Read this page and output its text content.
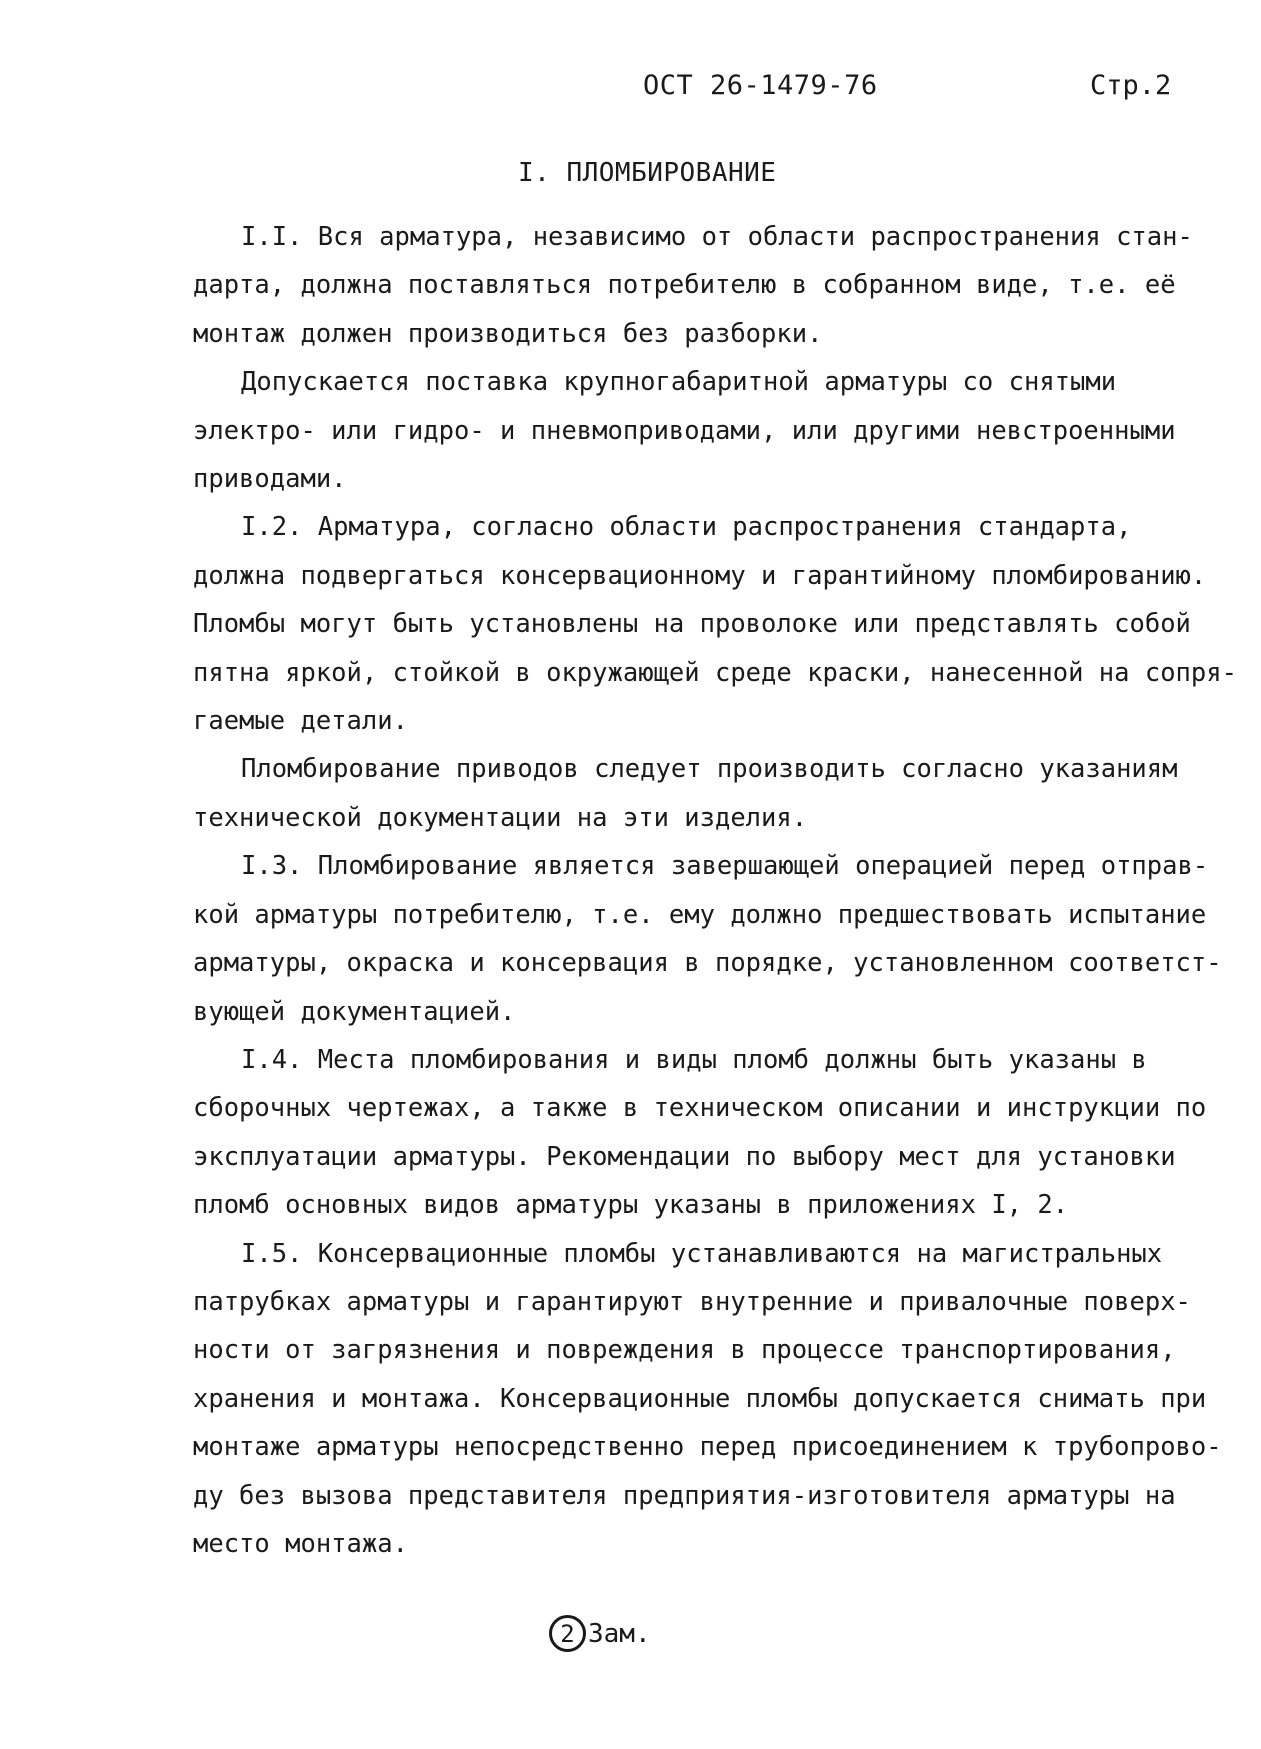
ОСТ 26-1479-76	Стр.2
I. ПЛОМБИРОВАНИЕ
I.I. Вся арматура, независимо от области распространения стан-
дарта, должна поставляться потребителю в собранном виде, т.е. её
монтаж должен производиться без разборки.
Допускается поставка крупногабаритной арматуры со снятыми
электро- или гидро- и пневмоприводами, или другими невстроенными
приводами.
I.2. Арматура, согласно области распространения стандарта,
должна подвергаться консервационному и гарантийному пломбированию.
Пломбы могут быть установлены на проволоке или представлять собой
пятна яркой, стойкой в окружающей среде краски, нанесенной на сопря-
гаемые детали.
Пломбирование приводов следует производить согласно указаниям
технической документации на эти изделия.
I.3. Пломбирование является завершающей операцией перед отправ-
кой арматуры потребителю, т.е. ему должно предшествовать испытание
арматуры, окраска и консервация в порядке, установленном соответст-
вующей документацией.
I.4. Места пломбирования и виды пломб должны быть указаны в
сборочных чертежах, а также в техническом описании и инструкции по
эксплуатации арматуры. Рекомендации по выбору мест для установки
пломб основных видов арматуры указаны в приложениях I, 2.
I.5. Консервационные пломбы устанавливаются на магистральных
патрубках арматуры и гарантируют внутренние и привалочные поверх-
ности от загрязнения и повреждения в процессе транспортирования,
хранения и монтажа. Консервационные пломбы допускается снимать при
монтаже арматуры непосредственно перед присоединением к трубопрово-
ду без вызова представителя предприятия-изготовителя арматуры на
место монтажа.
2 Зам.
